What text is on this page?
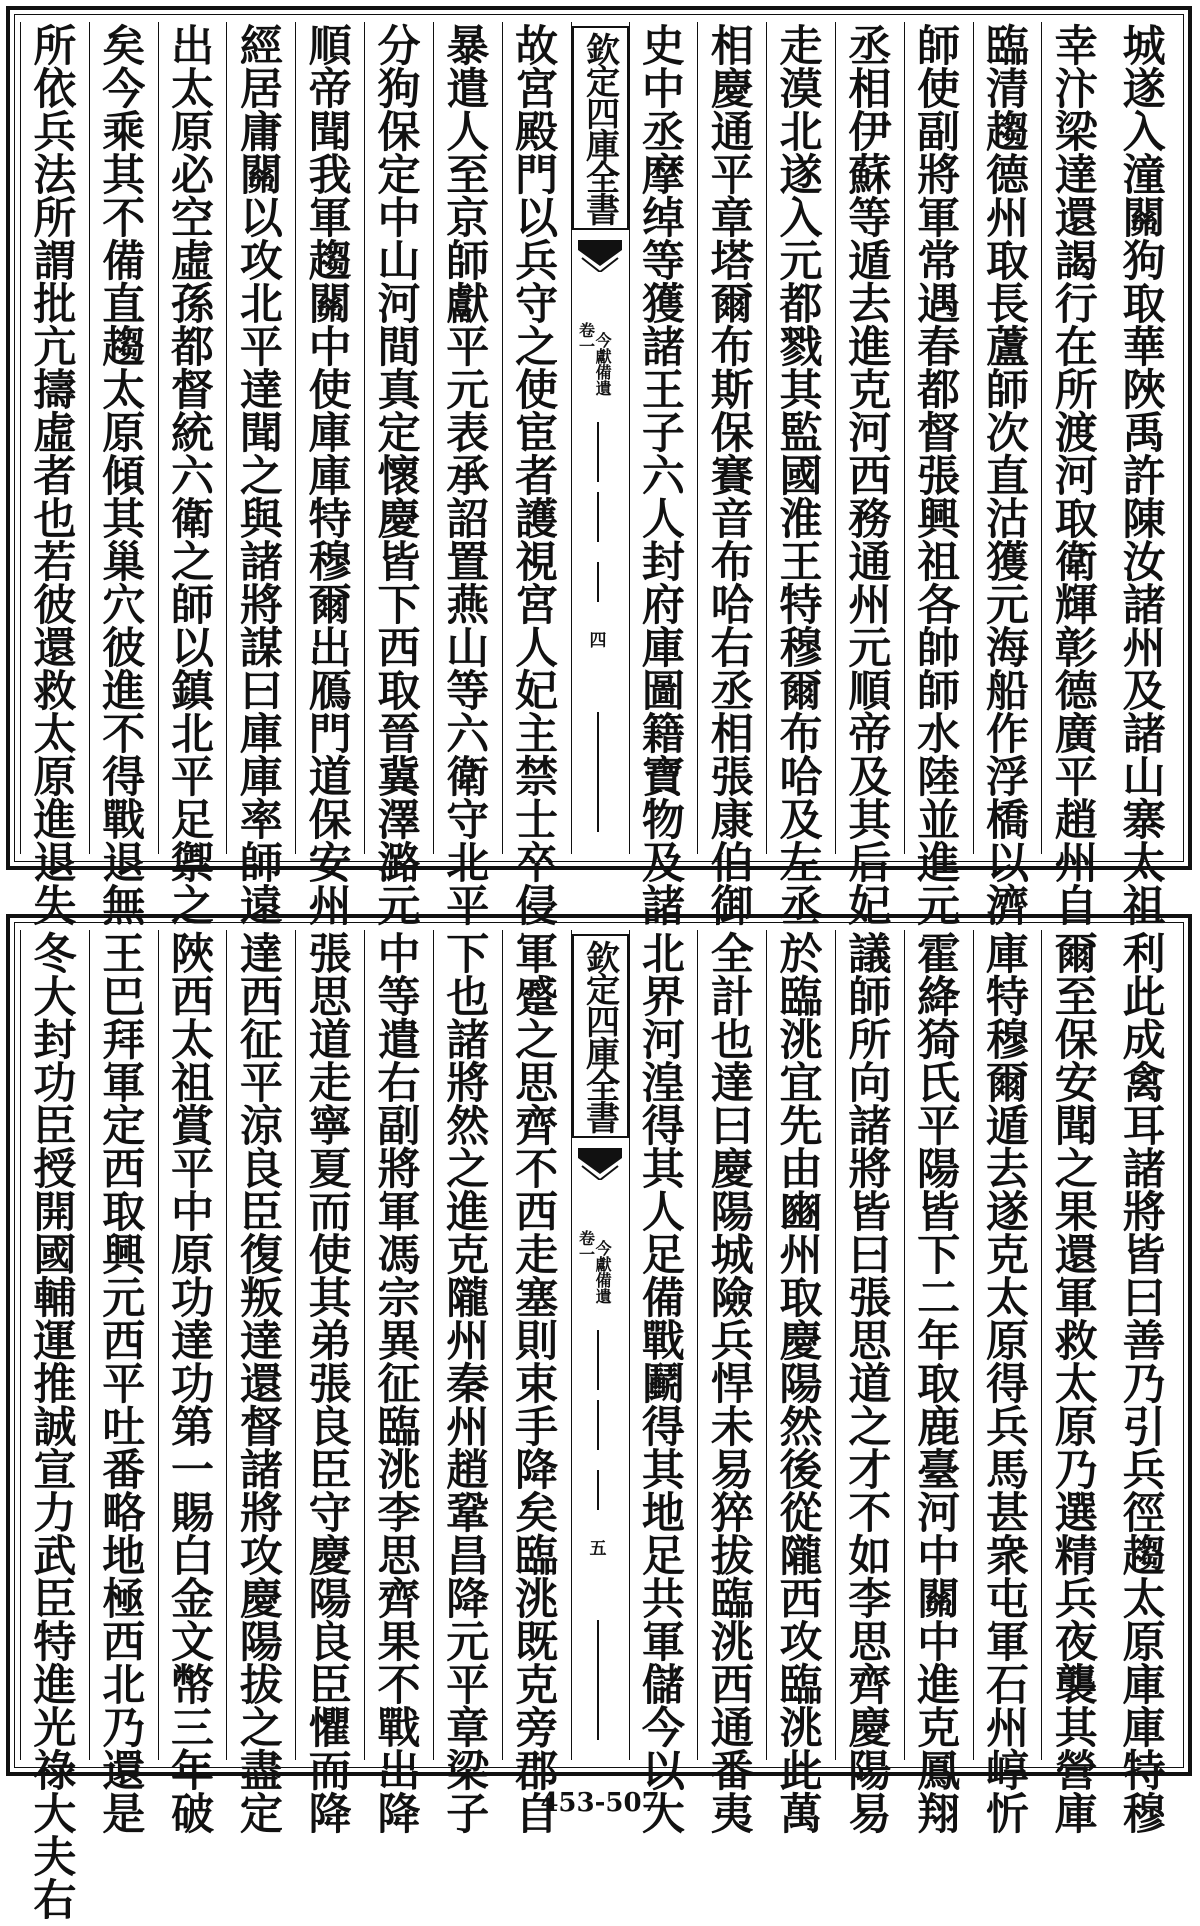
城
遂
入
潼
關
狗
取
華
陜
禹
許
陳
汝
諸
州
及
諸
山
寨
太
祖
幸
汴
梁
達
還
謁
行
在
所
渡
河
取
衛
輝
彰
德
廣
平
趙
州
自
臨
清
趨
德
州
取
長
蘆
師
次
直
沽
獲
元
海
船
作
浮
橋
以
濟
師
使
副
將
軍
常
遇
春
都
督
張
興
祖
各
帥
師
水
陸
並
進
元
丞
相
伊
蘇
等
遁
去
進
克
河
西
務
通
州
元
順
帝
及
其
后
妃
走
漠
北
遂
入
元
都
戮
其
監
國
淮
王
特
穆
爾
布
哈
及
左
丞
相
慶
通
平
章
塔
爾
布
斯
保
賽
音
布
哈
右
丞
相
張
康
伯
御
史
中
丞
摩
绰
等
獲
諸
王
子
六
人
封
府
庫
圖
籍
寶
物
及
諸
欽定四庫全書
今獻備遺
卷一
四
故
宮
殿
門
以
兵
守
之
使
宦
者
護
視
宮
人
妃
主
禁
士
卒
侵
暴
遣
人
至
京
師
獻
平
元
表
承
詔
置
燕
山
等
六
衛
守
北
平
分
狗
保
定
中
山
河
間
真
定
懷
慶
皆
下
西
取
晉
冀
澤
潞
元
順
帝
聞
我
軍
趨
關
中
使
庫
庫
特
穆
爾
出
鴈
門
道
保
安
州
經
居
庸
關
以
攻
北
平
達
聞
之
與
諸
將
謀
曰
庫
庫
率
師
遠
出
太
原
必
空
虛
孫
都
督
統
六
衛
之
師
以
鎮
北
平
足
禦
之
矣
今
乘
其
不
備
直
趨
太
原
傾
其
巢
穴
彼
進
不
得
戰
退
無
所
依
兵
法
所
謂
批
亢
擣
虛
者
也
若
彼
還
救
太
原
進
退
失
利
此
成
禽
耳
諸
將
皆
曰
善
乃
引
兵
徑
趨
太
原
庫
庫
特
穆
爾
至
保
安
聞
之
果
還
軍
救
太
原
乃
選
精
兵
夜
襲
其
營
庫
庫
特
穆
爾
遁
去
遂
克
太
原
得
兵
馬
甚
衆
屯
軍
石
州
崞
忻
霍
絳
猗
氏
平
陽
皆
下
二
年
取
鹿
臺
河
中
關
中
進
克
鳳
翔
議
師
所
向
諸
將
皆
曰
張
思
道
之
才
不
如
李
思
齊
慶
陽
易
於
臨
洮
宜
先
由
豳
州
取
慶
陽
然
後
從
隴
西
攻
臨
洮
此
萬
全
計
也
達
曰
慶
陽
城
險
兵
悍
未
易
猝
拔
臨
洮
西
通
番
夷
北
界
河
湟
得
其
人
足
備
戰
鬬
得
其
地
足
共
軍
儲
今
以
大
欽定四庫全書
今獻備遺
卷一
五
軍
蹙
之
思
齊
不
西
走
塞
則
束
手
降
矣
臨
洮
既
克
旁
郡
自
下
也
諸
將
然
之
進
克
隴
州
秦
州
趙
鞏
昌
降
元
平
章
梁
子
中
等
遣
右
副
將
軍
馮
宗
異
征
臨
洮
李
思
齊
果
不
戰
出
降
張
思
道
走
寧
夏
而
使
其
弟
張
良
臣
守
慶
陽
良
臣
懼
而
降
達
西
征
平
涼
良
臣
復
叛
達
還
督
諸
將
攻
慶
陽
拔
之
盡
定
陜
西
太
祖
賞
平
中
原
功
達
功
第
一
賜
白
金
文
幣
三
年
破
王
巴
拜
軍
定
西
取
興
元
西
平
吐
番
略
地
極
西
北
乃
還
是
冬
大
封
功
臣
授
開
國
輔
運
推
誠
宣
力
武
臣
特
進
光
祿
大
夫
右
453-507
